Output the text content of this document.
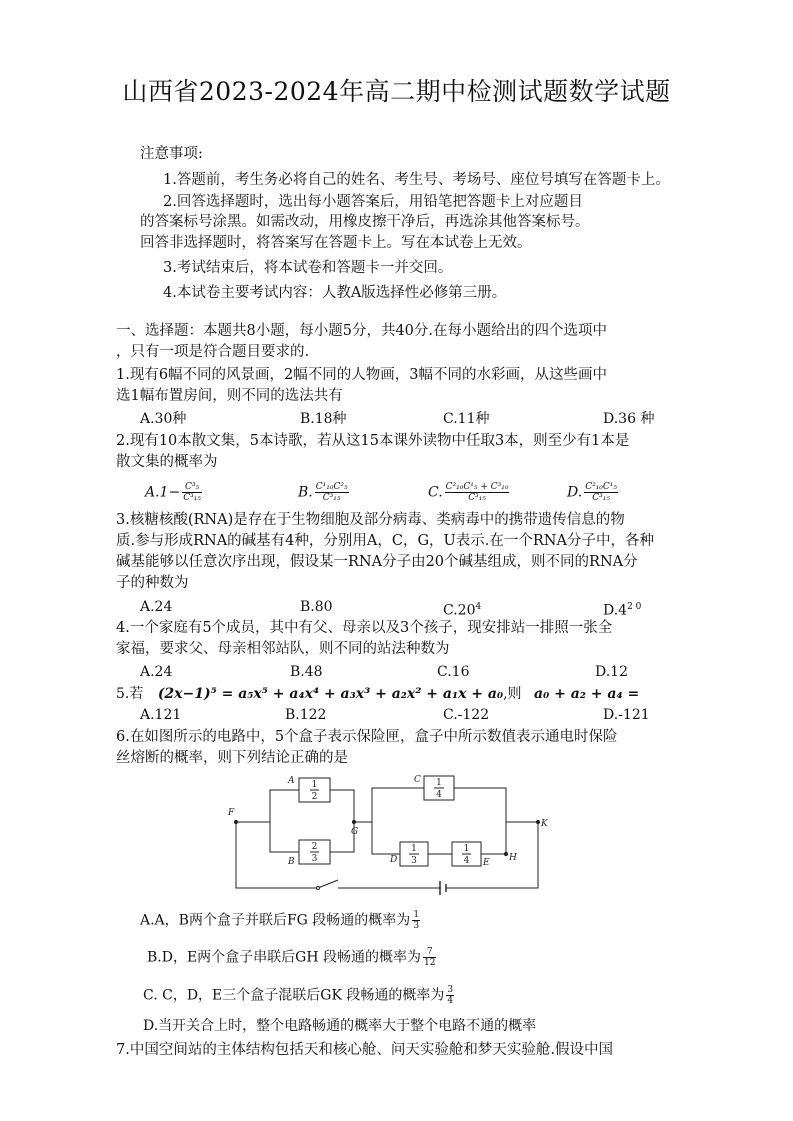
山西省2023-2024年高二期中检测试题数学试题
注意事项:
1.答题前，考生务必将自己的姓名、考生号、考场号、座位号填写在答题卡上。
2.回答选择题时，选出每小题答案后，用铅笔把答题卡上对应题目
的答案标号涂黑。如需改动，用橡皮擦干净后，再选涂其他答案标号。
回答非选择题时，将答案写在答题卡上。写在本试卷上无效。
3.考试结束后，将本试卷和答题卡一并交回。
4.本试卷主要考试内容：人教A版选择性必修第三册。
一、选择题：本题共8小题，每小题5分，共40分.在每小题给出的四个选项中
，只有一项是符合题目要求的.
1.现有6幅不同的风景画，2幅不同的人物画，3幅不同的水彩画，从这些画中
选1幅布置房间，则不同的选法共有
A.30种	B.18种	C.11种	D.36 种
2.现有10本散文集，5本诗歌，若从这15本课外读物中任取3本，则至少有1本是
散文集的概率为
$A.1- \frac{\text{C³₅}}{\text{C³₁₅}}$	B. $\frac{\text{C¹₁₀C²₅}}{\text{C³₁₅}}$	C. $\frac{\text{C²₁₀C¹₅ + C³₁₀}}{\text{C³₁₅}}$	D. $\frac{\text{C²₁₀C¹₅}}{\text{C³₁₅}}$
3.核糖核酸(RNA)是存在于生物细胞及部分病毒、类病毒中的携带遗传信息的物
质.参与形成RNA的碱基有4种，分别用A，C，G，U表示.在一个RNA分子中，各种
碱基能够以任意次序出现，假设某一RNA分子由20个碱基组成，则不同的RNA分
子的种数为
A.24	B.80	$C.20^4$	$D.4^{2 0}$
4.一个家庭有5个成员，其中有父、母亲以及3个孩子，现安排站一排照一张全
家福，要求父、母亲相邻站队，则不同的站法种数为
A.24	B.48	C.16	D.12
5.若 (2x−1)⁵ = a₅x⁵ + a₄x⁴ + a₃x³ + a₂x² + a₁x + a₀,则 a₀ + a₂ + a₄ =
A.121	B.122	C.-122	D.-121
6.在如图所示的电路中，5个盒子表示保险匣，盒子中所示数值表示通电时保险
丝熔断的概率，则下列结论正确的是
F
G
K
H
A
B
C
D	E
1
2
2
3
1
4
1
3
1
4
A.A，B两个盒子并联后FG 段畅通的概率为 $\frac{1}{3}$
B.D，E两个盒子串联后GH 段畅通的概率为 $\frac{7}{12}$
C. C，D，E三个盒子混联后GK 段畅通的概率为 $\frac{3}{4}$
D.当开关合上时，整个电路畅通的概率大于整个电路不通的概率
7.中国空间站的主体结构包括天和核心舱、问天实验舱和梦天实验舱.假设中国
